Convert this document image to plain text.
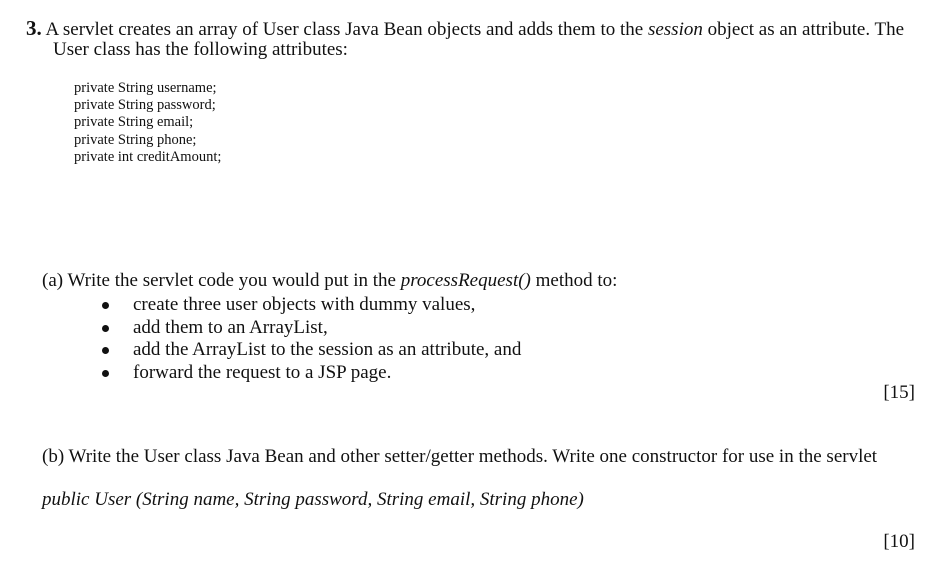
3. A servlet creates an array of User class Java Bean objects and adds them to the session object as an attribute. The
User class has the following attributes:
private String username;
private String password;
private String email;
private String phone;
private int creditAmount;
(a) Write the servlet code you would put in the processRequest() method to:
create three user objects with dummy values,
add them to an ArrayList,
add the ArrayList to the session as an attribute, and
forward the request to a JSP page.
[15]
(b) Write the User class Java Bean and other setter/getter methods. Write one constructor for use in the servlet
public User (String name, String password, String email, String phone)
[10]
